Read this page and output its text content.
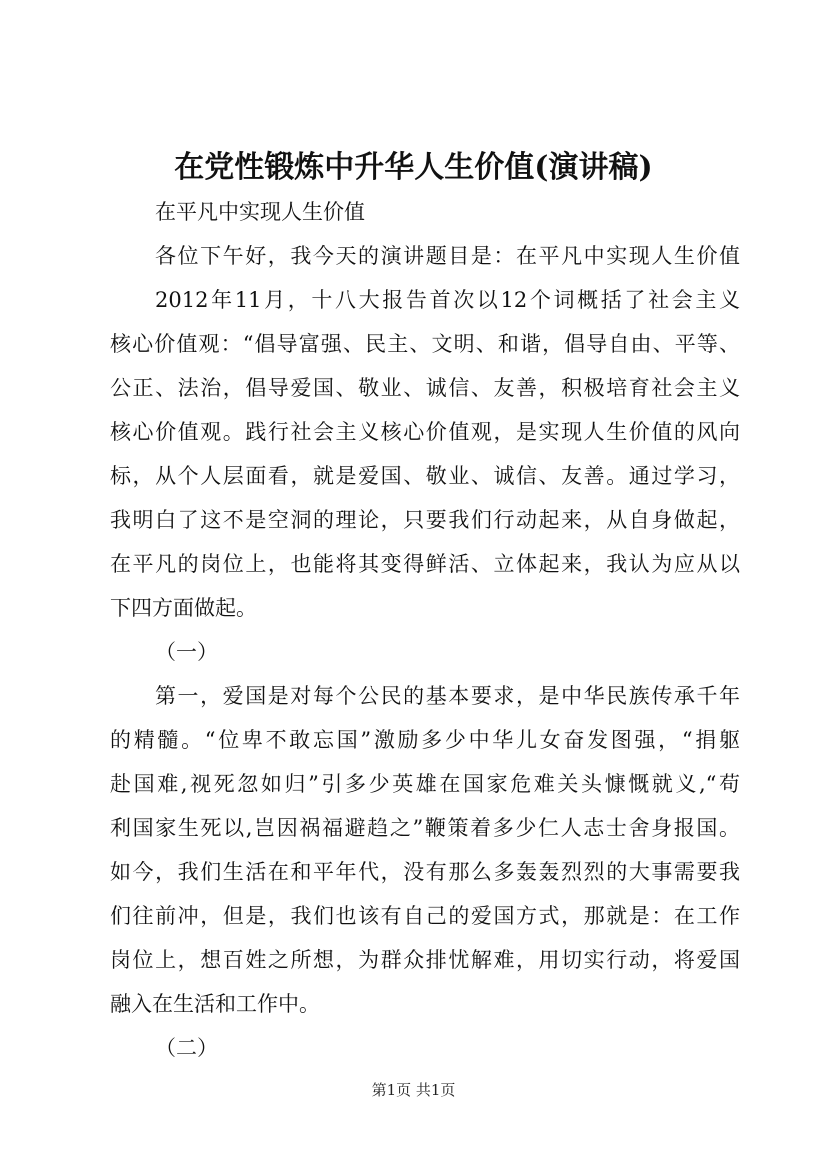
在党性锻炼中升华人生价值(演讲稿)
在平凡中实现人生价值
各位下午好，我今天的演讲题目是：在平凡中实现人生价值
2012年11月，十八大报告首次以12个词概括了社会主义
核心价值观：“倡导富强、民主、文明、和谐，倡导自由、平等、
公正、法治，倡导爱国、敬业、诚信、友善，积极培育社会主义
核心价值观。践行社会主义核心价值观，是实现人生价值的风向
标，从个人层面看，就是爱国、敬业、诚信、友善。通过学习，
我明白了这不是空洞的理论，只要我们行动起来，从自身做起，
在平凡的岗位上，也能将其变得鲜活、立体起来，我认为应从以
下四方面做起。
（一）
第一，爱国是对每个公民的基本要求，是中华民族传承千年
的精髓。“位卑不敢忘国”激励多少中华儿女奋发图强，“捐躯
赴国难,视死忽如归”引多少英雄在国家危难关头慷慨就义,“苟
利国家生死以,岂因祸福避趋之”鞭策着多少仁人志士舍身报国。
如今，我们生活在和平年代，没有那么多轰轰烈烈的大事需要我
们往前冲，但是，我们也该有自己的爱国方式，那就是：在工作
岗位上，想百姓之所想，为群众排忧解难，用切实行动，将爱国
融入在生活和工作中。
（二）
第1页 共1页
